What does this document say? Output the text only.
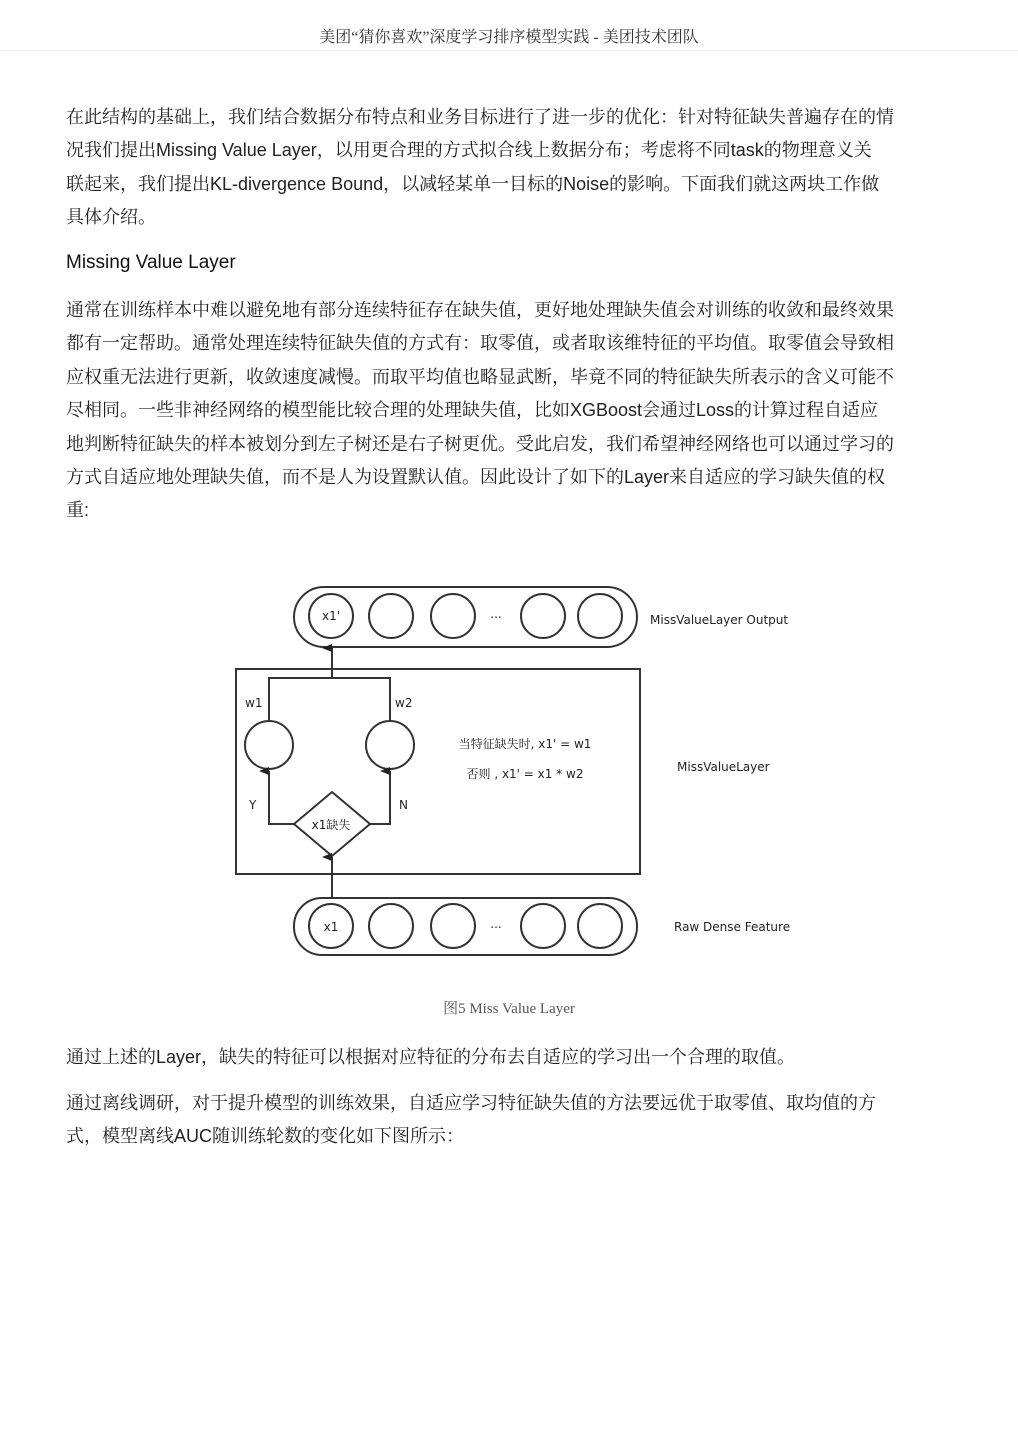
美团“猜你喜欢”深度学习排序模型实践 - 美团技术团队
在此结构的基础上，我们结合数据分布特点和业务目标进行了进一步的优化：针对特征缺失普遍存在的情
况我们提出Missing Value Layer，以用更合理的方式拟合线上数据分布；考虑将不同task的物理意义关
联起来，我们提出KL-divergence Bound，以减轻某单一目标的Noise的影响。下面我们就这两块工作做
具体介绍。
Missing Value Layer
通常在训练样本中难以避免地有部分连续特征存在缺失值，更好地处理缺失值会对训练的收敛和最终效果
都有一定帮助。通常处理连续特征缺失值的方式有：取零值，或者取该维特征的平均值。取零值会导致相
应权重无法进行更新，收敛速度减慢。而取平均值也略显武断，毕竟不同的特征缺失所表示的含义可能不
尽相同。一些非神经网络的模型能比较合理的处理缺失值，比如XGBoost会通过Loss的计算过程自适应
地判断特征缺失的样本被划分到左子树还是右子树更优。受此启发，我们希望神经网络也可以通过学习的
方式自适应地处理缺失值，而不是人为设置默认值。因此设计了如下的Layer来自适应的学习缺失值的权
重:
x1'	...	MissValueLayer Output
w1	w2
当特征缺失时, x1' = w1
否则 , x1' = x1 * w2	MissValueLayer
Y	N
x1缺失
x1	...	Raw Dense Feature
图5 Miss Value Layer
通过上述的Layer，缺失的特征可以根据对应特征的分布去自适应的学习出一个合理的取值。
通过离线调研，对于提升模型的训练效果，自适应学习特征缺失值的方法要远优于取零值、取均值的方
式，模型离线AUC随训练轮数的变化如下图所示：
